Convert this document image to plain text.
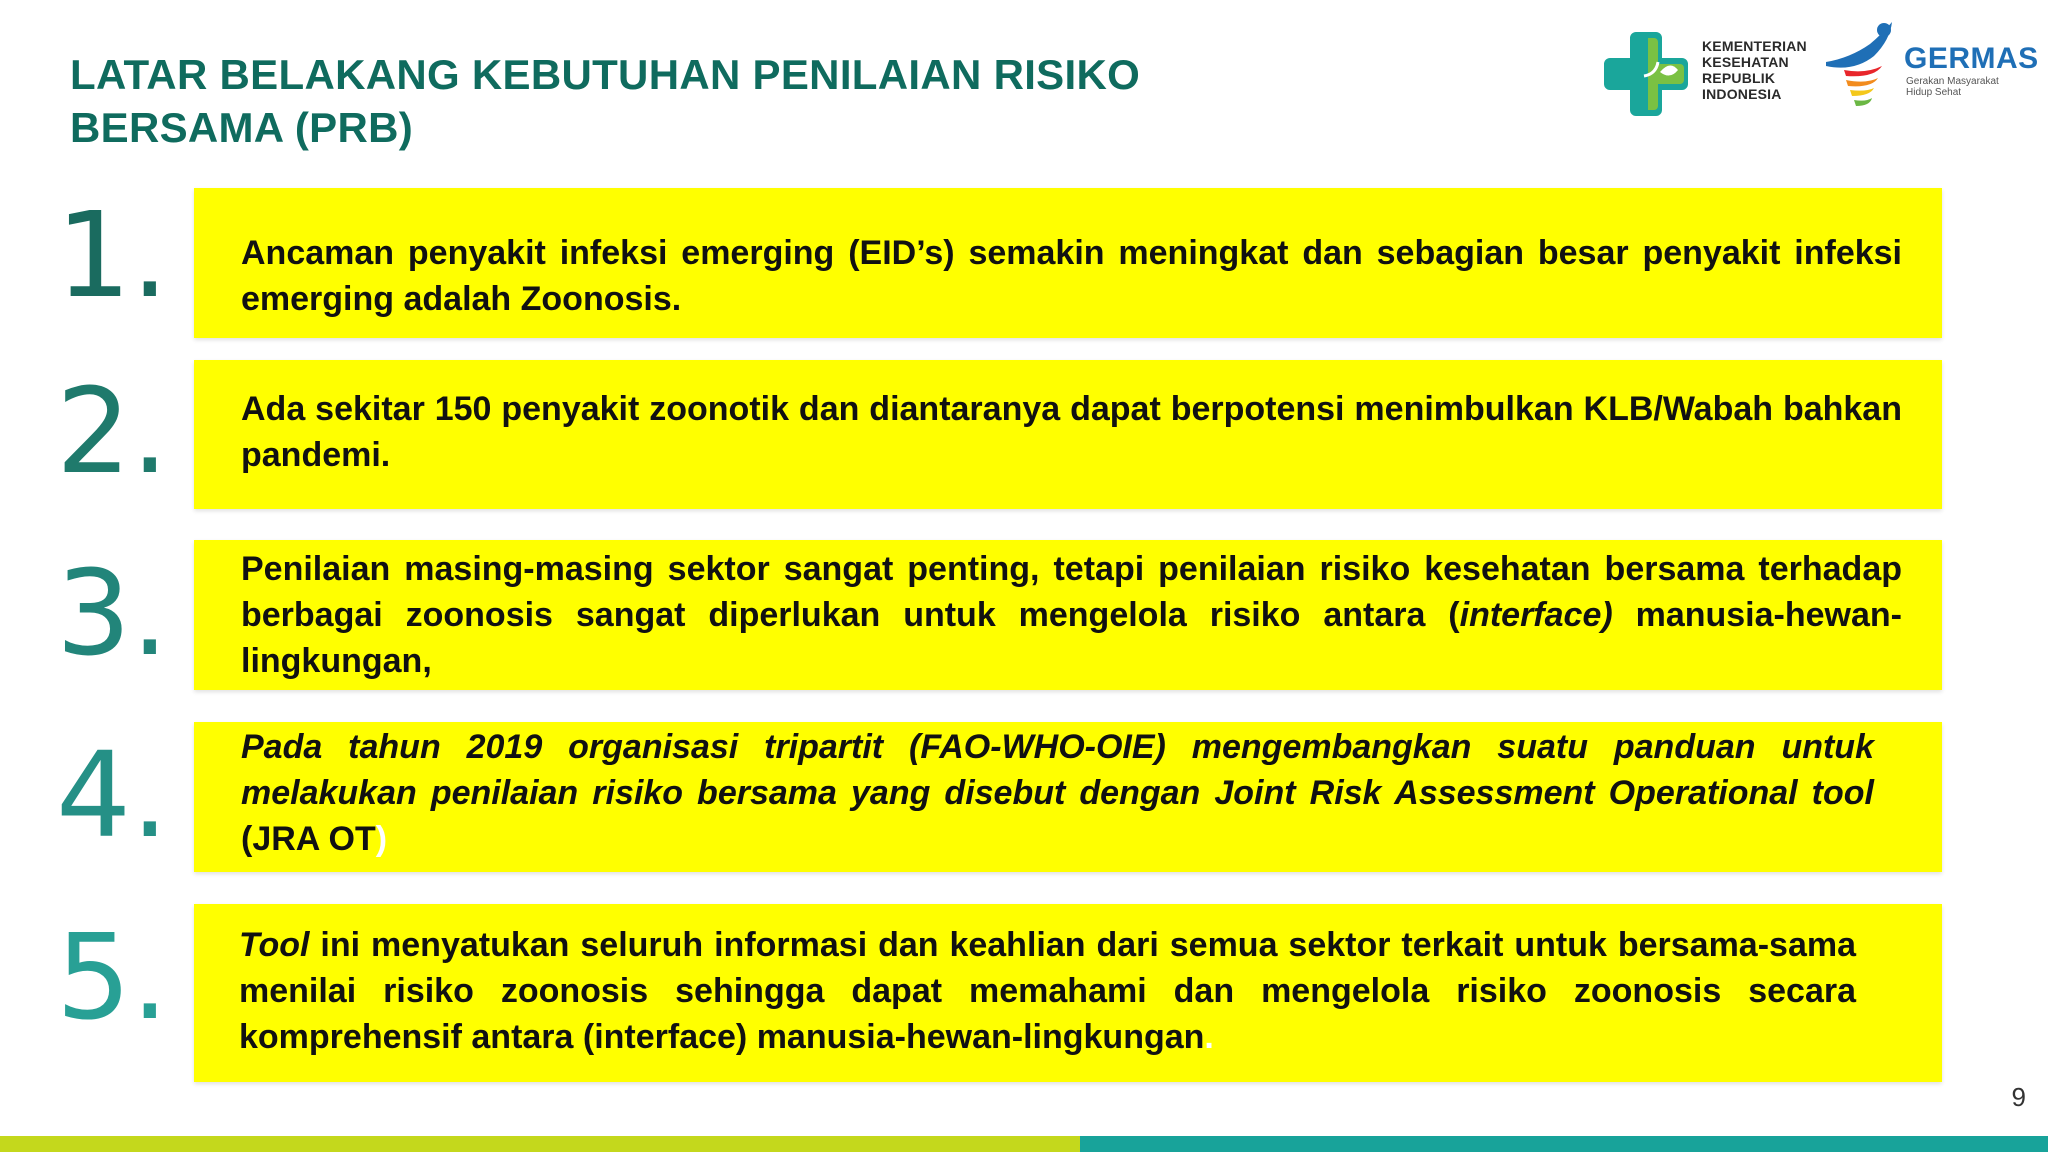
LATAR BELAKANG KEBUTUHAN PENILAIAN RISIKO
BERSAMA (PRB)
KEMENTERIAN
KESEHATAN
REPUBLIK
INDONESIA
GERMAS
Gerakan Masyarakat
Hidup Sehat
1. Ancaman penyakit infeksi emerging (EID’s) semakin meningkat dan sebagian besar penyakit infeksi emerging adalah Zoonosis.
2. Ada sekitar 150 penyakit zoonotik dan diantaranya dapat berpotensi menimbulkan KLB/Wabah bahkan pandemi.
3. Penilaian masing-masing sektor sangat penting, tetapi penilaian risiko kesehatan bersama terhadap berbagai zoonosis sangat diperlukan untuk mengelola risiko antara (interface) manusia-hewan-lingkungan,
4. Pada tahun 2019 organisasi tripartit (FAO-WHO-OIE) mengembangkan suatu panduan untuk melakukan penilaian risiko bersama yang disebut dengan Joint Risk Assessment Operational tool (JRA OT)
5. Tool ini menyatukan seluruh informasi dan keahlian dari semua sektor terkait untuk bersama-sama menilai risiko zoonosis sehingga dapat memahami dan mengelola risiko zoonosis secara komprehensif antara (interface) manusia-hewan-lingkungan.
9
